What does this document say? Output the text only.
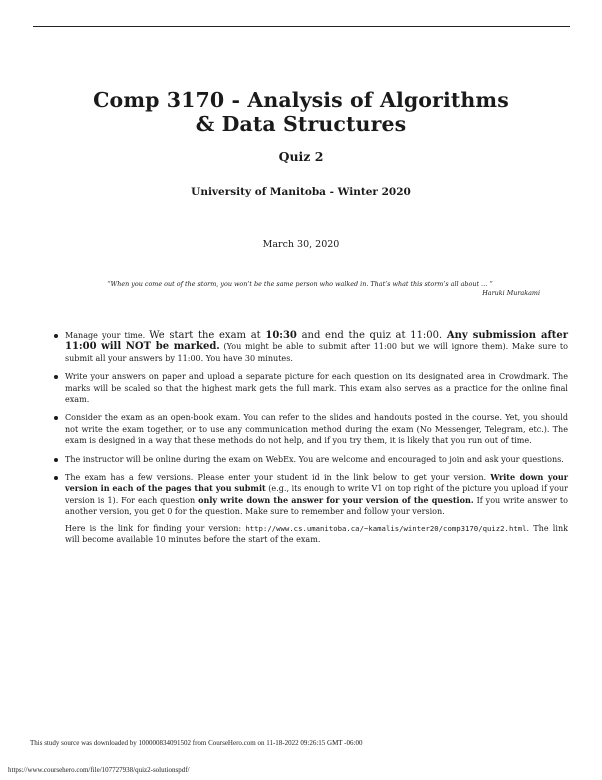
Comp 3170 - Analysis of Algorithms
& Data Structures
Quiz 2
University of Manitoba - Winter 2020
March 30, 2020
“When you come out of the storm, you won’t be the same person who walked in. That’s what this storm’s all about … ”
Haruki Murakami

Manage your time. We start the exam at 10:30 and end the quiz at 11:00. Any submission after 11:00 will NOT be marked. (You might be able to submit after 11:00 but we will ignore them). Make sure to submit all your answers by 11:00. You have 30 minutes.

Write your answers on paper and upload a separate picture for each question on its designated area in Crowdmark. The marks will be scaled so that the highest mark gets the full mark. This exam also serves as a practice for the online final exam.

Consider the exam as an open-book exam. You can refer to the slides and handouts posted in the course. Yet, you should not write the exam together, or to use any communication method during the exam (No Messenger, Telegram, etc.). The exam is designed in a way that these methods do not help, and if you try them, it is likely that you run out of time.

The instructor will be online during the exam on WebEx. You are welcome and encouraged to join and ask your questions.

The exam has a few versions. Please enter your student id in the link below to get your version. Write down your version in each of the pages that you submit (e.g., its enough to write V1 on top right of the picture you upload if your version is 1). For each question only write down the answer for your version of the question. If you write answer to another version, you get 0 for the question. Make sure to remember and follow your version.

Here is the link for finding your version: http://www.cs.umanitoba.ca/~kamalis/winter20/comp3170/quiz2.html. The link will become available 10 minutes before the start of the exam.

This study source was downloaded by 100000834091502 from CourseHero.com on 11-18-2022 09:26:15 GMT -06:00
https://www.coursehero.com/file/107727938/quiz2-solutionspdf/
